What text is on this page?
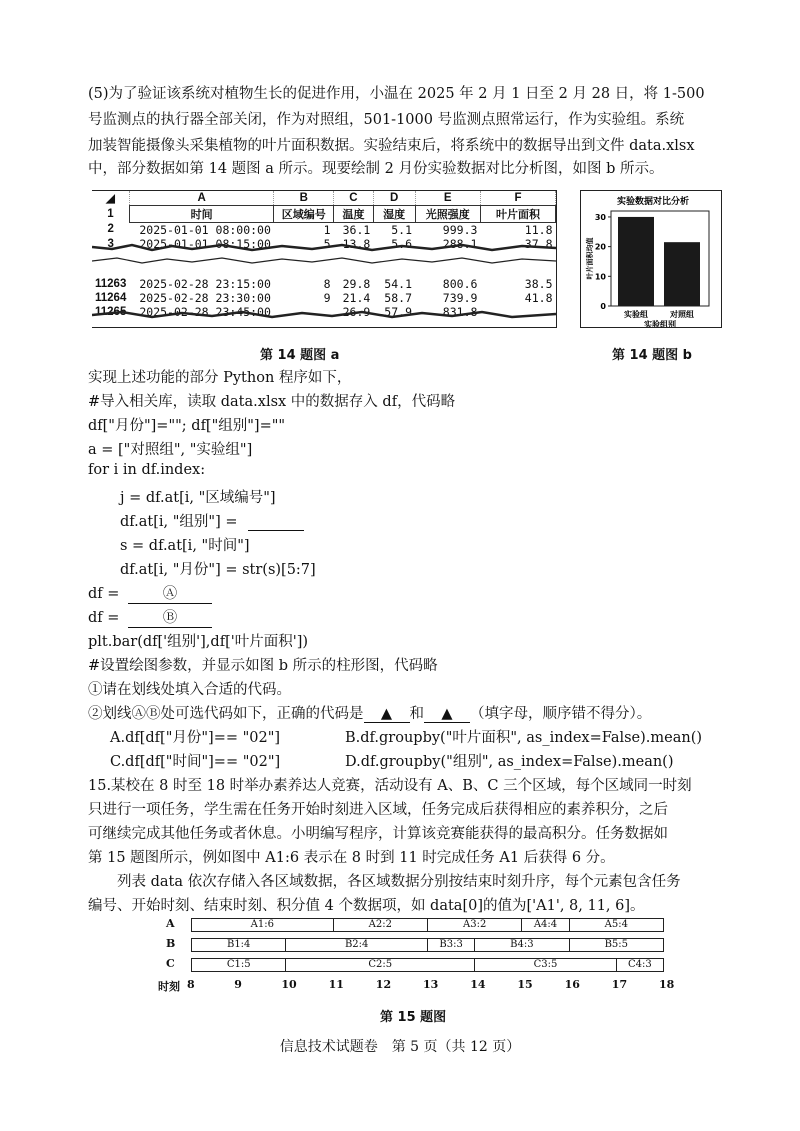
(5)为了验证该系统对植物生长的促进作用，小温在 2025 年 2 月 1 日至 2 月 28 日，将 1-500
号监测点的执行器全部关闭，作为对照组，501-1000 号监测点照常运行，作为实验组。系统
加装智能摄像头采集植物的叶片面积数据。实验结束后，将系统中的数据导出到文件 data.xlsx
中，部分数据如第 14 题图 a 所示。现要绘制 2 月份实验数据对比分析图，如图 b 所示。
◢	A	B	C	D	E	F
1	时间	区域编号	温度	湿度	光照强度	叶片面积
2	2025-01-01 08:00:00	1	36.1	5.1	999.3	11.8
3	2025-01-01 08:15:00	5	13.8	5.6	288.1	37.8

11263	2025-02-28 23:15:00	8	29.8	54.1	800.6	38.5
11264	2025-02-28 23:30:00	9	21.4	58.7	739.9	41.8
11265	2025-02-28 23:45:00		26.9	57.9	831.8	
第 14 题图 a
实验数据对比分析
0
10
20
30
实验组	对照组
实验组别
叶片面积均值
第 14 题图 b
实现上述功能的部分 Python 程序如下，
#导入相关库，读取 data.xlsx 中的数据存入 df，代码略
df["月份"]=""; df["组别"]=""
a = ["对照组", "实验组"]
for i in df.index:
j = df.at[i, "区域编号"]
df.at[i, "组别"] =
s = df.at[i, "时间"]
df.at[i, "月份"] = str(s)[5:7]
df =	Ⓐ
df =	Ⓑ
plt.bar(df['组别'],df['叶片面积'])
#设置绘图参数，并显示如图 b 所示的柱形图，代码略
①请在划线处填入合适的代码。
②划线ⒶⒷ处可选代码如下，正确的代码是 ▲ 和 ▲ （填字母，顺序错不得分）。
A.df[df["月份"]== "02"]	B.df.groupby("叶片面积", as_index=False).mean()
C.df[df["时间"]== "02"]	D.df.groupby("组别", as_index=False).mean()
15.某校在 8 时至 18 时举办素养达人竞赛，活动设有 A、B、C 三个区域，每个区域同一时刻
只进行一项任务，学生需在任务开始时刻进入区域，任务完成后获得相应的素养积分，之后
可继续完成其他任务或者休息。小明编写程序，计算该竞赛能获得的最高积分。任务数据如
第 15 题图所示，例如图中 A1:6 表示在 8 时到 11 时完成任务 A1 后获得 6 分。
　　列表 data 依次存储入各区域数据，各区域数据分别按结束时刻升序，每个元素包含任务
编号、开始时刻、结束时刻、积分值 4 个数据项，如 data[0]的值为['A1', 8, 11, 6]。
A	A1:6	A2:2	A3:2	A4:4	A5:4
B	B1:4	B2:4	B3:3	B4:3	B5:5
C	C1:5	C2:5	C3:5	C4:3
时刻 8	9	10	11	12	13	14	15	16	17	18
第 15 题图
信息技术试题卷　第 5 页（共 12 页）
